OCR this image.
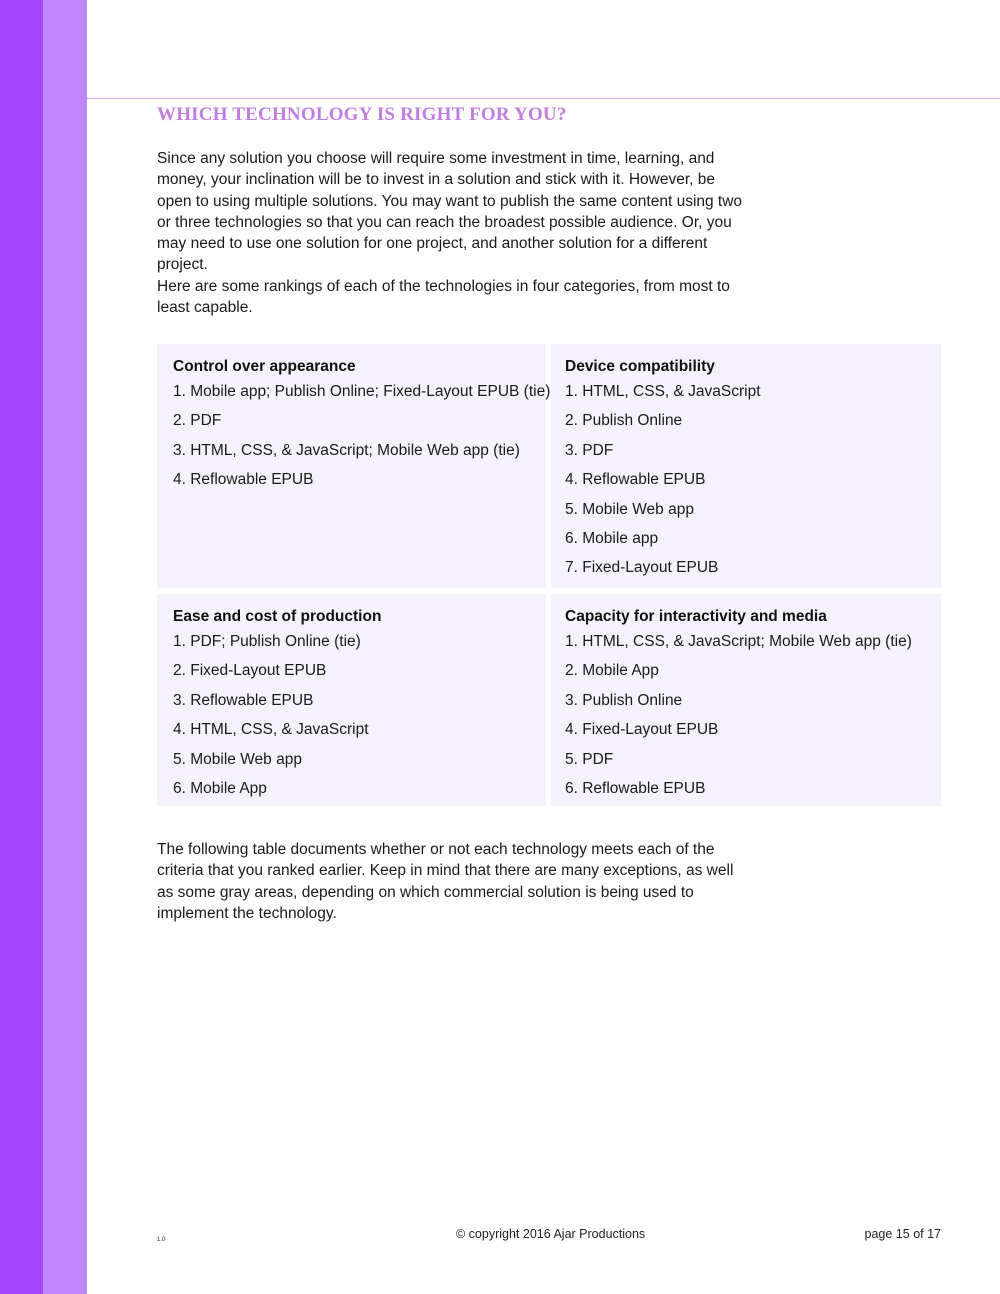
WHICH TECHNOLOGY IS RIGHT FOR YOU?

Since any solution you choose will require some investment in time, learning, and money, your inclination will be to invest in a solution and stick with it. However, be open to using multiple solutions. You may want to publish the same content using two or three technologies so that you can reach the broadest possible audience. Or, you may need to use one solution for one project, and another solution for a different project.

Here are some rankings of each of the technologies in four categories, from most to least capable.

Control over appearance
1. Mobile app; Publish Online; Fixed-Layout EPUB (tie)
2. PDF
3. HTML, CSS, & JavaScript; Mobile Web app (tie)
4. Reflowable EPUB
Device compatibility
1. HTML, CSS, & JavaScript
2. Publish Online
3. PDF
4. Reflowable EPUB
5. Mobile Web app
6. Mobile app
7. Fixed-Layout EPUB
Ease and cost of production
1. PDF; Publish Online (tie)
2. Fixed-Layout EPUB
3. Reflowable EPUB
4. HTML, CSS, & JavaScript
5. Mobile Web app
6. Mobile App
Capacity for interactivity and media
1. HTML, CSS, & JavaScript; Mobile Web app (tie)
2. Mobile App
3. Publish Online
4. Fixed-Layout EPUB
5. PDF
6. Reflowable EPUB

The following table documents whether or not each technology meets each of the criteria that you ranked earlier. Keep in mind that there are many exceptions, as well as some gray areas, depending on which commercial solution is being used to implement the technology.

1.0	© copyright 2016 Ajar Productions	page 15 of 17
